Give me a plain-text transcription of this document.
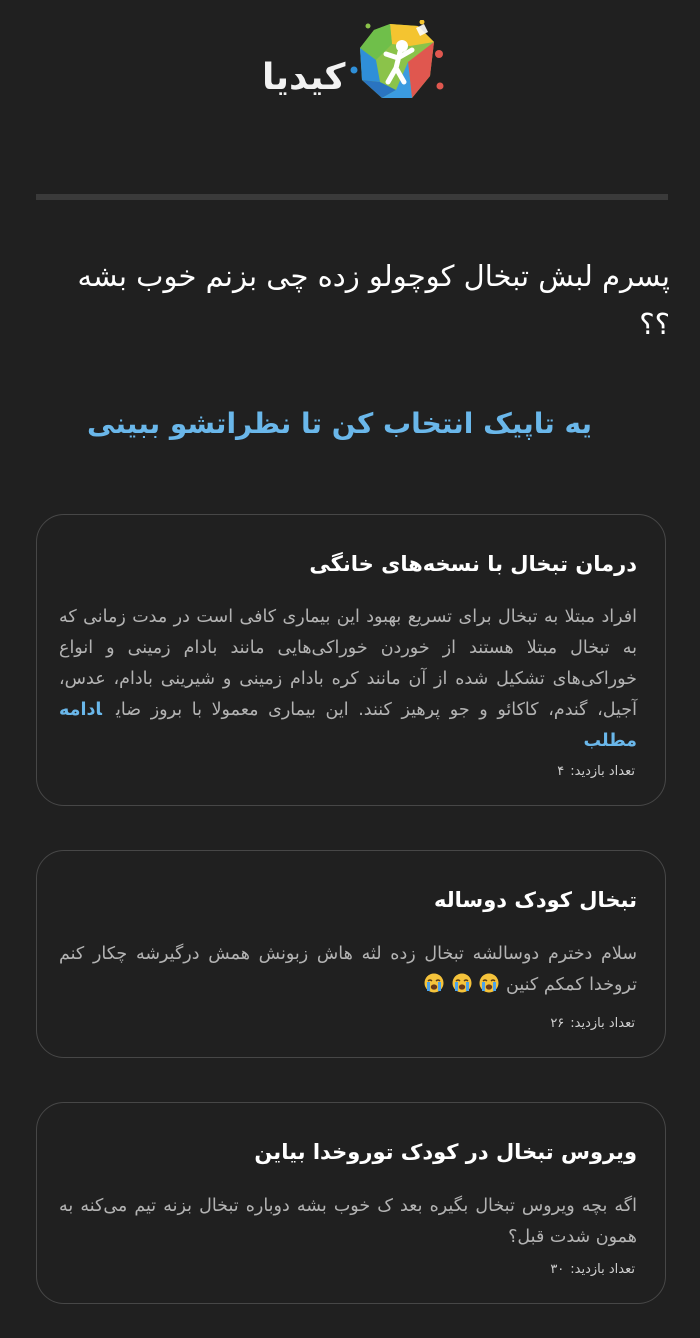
کیدیا
پسرم لبش تبخال کوچولو زده چی بزنم خوب بشه ؟؟
یه تاپیک انتخاب کن تا نظراتشو ببینی
درمان تبخال با نسخه‌های خانگی

افراد مبتلا به تبخال برای تسریع بهبود این بیماری کافی است در مدت زمانی که به تبخال مبتلا هستند از خوردن خوراکی‌هایی مانند بادام زمینی و انواع خوراکی‌های تشکیل شده از آن مانند کره بادام زمینی و شیرینی بادام، عدس، آجیل، گندم، کاکائو و جو پرهیز کنند. این بیماری معمولا با بروز ضایادامه مطلب

تعداد بازدید:۴
تبخال کودک دوساله

سلام دخترم دوسالشه تبخال زده لثه هاش زبونش همش درگیرشه چکار کنم تروخدا کمکم کنین

تعداد بازدید:۲۶
ویروس تبخال در کودک تورو‌خدا بیاین

اگه بچه ویروس تبخال بگیره بعد ک خوب بشه دوباره تبخال بزنه تیم می‌کنه به همون شدت قبل؟

تعداد بازدید:۳۰
